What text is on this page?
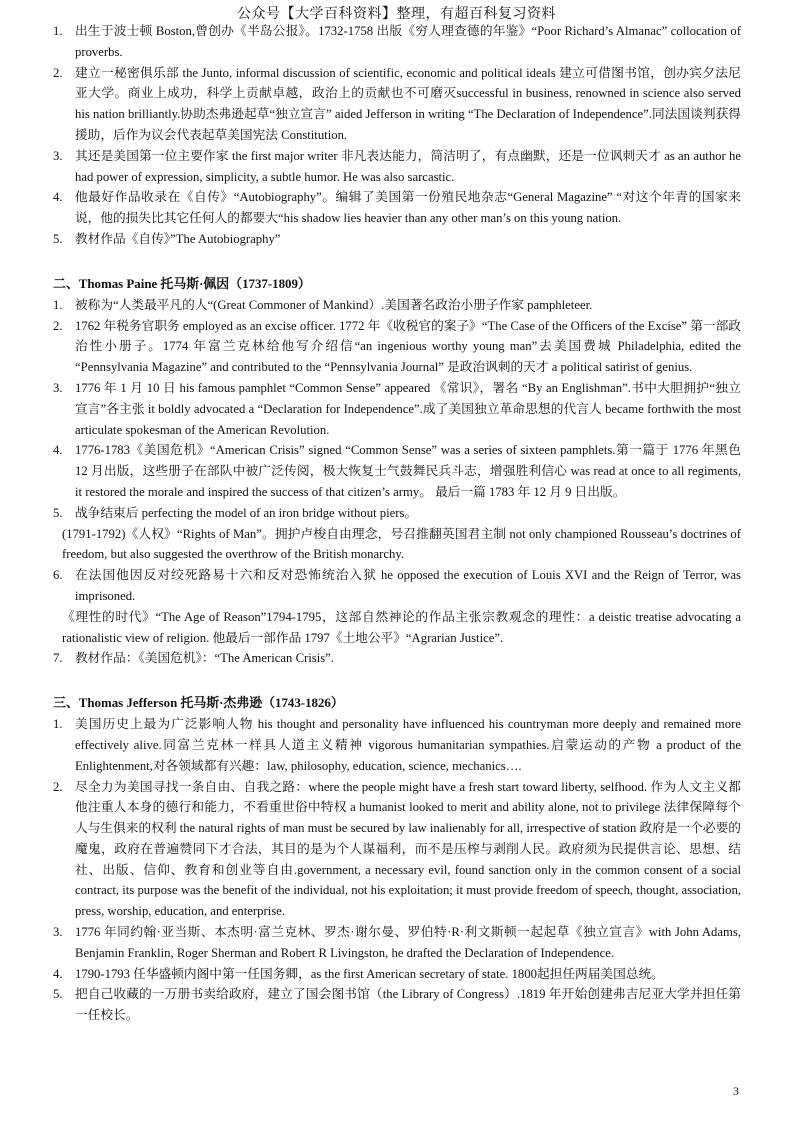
公众号【大学百科资料】整理，有超百科复习资料
1. 出生于波士顿 Boston,曾创办《半岛公报》。1732-1758 出版《穷人理查德的年鉴》“Poor Richard’s Almanac” collocation of proverbs.
2. 建立一秘密俱乐部 the Junto, informal discussion of scientific, economic and political ideals 建立可借图书馆，创办宾夕法尼亚大学。商业上成功，科学上贡献卓越，政治上的贡献也不可磨灭successful in business, renowned in science also served his nation brilliantly.协助杰弗逊起草“独立宣言” aided Jefferson in writing “The Declaration of Independence”.同法国谈判获得援助，后作为议会代表起草美国宪法 Constitution.
3. 其还是美国第一位主要作家 the first major writer 非凡表达能力，简洁明了，有点幽默，还是一位讽刺天才 as an author he had power of expression, simplicity, a subtle humor. He was also sarcastic.
4. 他最好作品收录在《自传》“Autobiography”。编辑了美国第一份殖民地杂志“General Magazine” “对这个年青的国家来说，他的损失比其它任何人的都要大“his shadow lies heavier than any other man’s on this young nation.
5. 教材作品《自传》”The Autobiography”
二、Thomas Paine 托马斯·佩因（1737-1809）
1. 被称为“人类最平凡的人“(Great Commoner of Mankind）.美国著名政治小册子作家 pamphleteer.
2. 1762 年税务官职务 employed as an excise officer. 1772 年《收税官的案子》“The Case of the Officers of the Excise” 第一部政治性小册子。1774 年富兰克林给他写介绍信“an ingenious worthy young man”去美国费城 Philadelphia, edited the “Pennsylvania Magazine” and contributed to the “Pennsylvania Journal” 是政治讽刺的天才 a political satirist of genius.
3. 1776 年 1 月 10 日 his famous pamphlet “Common Sense” appeared 《常识》，署名 “By an Englishman”.书中大胆拥护“独立宣言”各主张 it boldly advocated a “Declaration for Independence”.成了美国独立革命思想的代言人 became forthwith the most articulate spokesman of the American Revolution.
4. 1776-1783《美国危机》“American Crisis” signed “Common Sense” was a series of sixteen pamphlets.第一篇于 1776 年黑色 12 月出版，这些册子在部队中被广泛传阅，极大恢复士气鼓舞民兵斗志，增强胜利信心 was read at once to all regiments, it restored the morale and inspired the success of that citizen’s army。 最后一篇 1783 年 12 月 9 日出版。
5. 战争结束后 perfecting the model of an iron bridge without piers。
(1791-1792)《人权》“Rights of Man”。拥护卢梭自由理念，号召推翻英国君主制 not only championed Rousseau’s doctrines of freedom, but also suggested the overthrow of the British monarchy.
6. 在法国他因反对绞死路易十六和反对恐怖统治入狱 he opposed the execution of Louis XVI and the Reign of Terror, was imprisoned.
《理性的时代》“The Age of Reason”1794-1795，这部自然神论的作品主张宗教观念的理性：a deistic treatise advocating a rationalistic view of religion. 他最后一部作品 1797《土地公平》“Agrarian Justice”.
7. 教材作品：《美国危机》：“The American Crisis”.
三、Thomas Jefferson 托马斯·杰弗逊（1743-1826）
1. 美国历史上最为广泛影响人物 his thought and personality have influenced his countryman more deeply and remained more effectively alive.同富兰克林一样具人道主义精神 vigorous humanitarian sympathies.启蒙运动的产物 a product of the Enlightenment,对各领域都有兴趣：law, philosophy, education, science, mechanics….
2. 尽全力为美国寻找一条自由、自我之路：where the people might have a fresh start toward liberty, selfhood. 作为人文主义都他注重人本身的德行和能力，不看重世俗中特权 a humanist looked to merit and ability alone, not to privilege 法律保障每个人与生俱来的权利 the natural rights of man must be secured by law inalienably for all, irrespective of station 政府是一个必要的魔鬼，政府在普遍赞同下才合法，其目的是为个人谋福利，而不是压榨与剥削人民。政府须为民提供言论、思想、结社、出版、信仰、教育和创业等自由.government, a necessary evil, found sanction only in the common consent of a social contract, its purpose was the benefit of the individual, not his exploitation; it must provide freedom of speech, thought, association, press, worship, education, and enterprise.
3. 1776 年同约翰·亚当斯、本杰明·富兰克林、罗杰·谢尔曼、罗伯特·R·利文斯顿一起起草《独立宣言》with John Adams, Benjamin Franklin, Roger Sherman and Robert R Livingston, he drafted the Declaration of Independence.
4. 1790-1793 任华盛顿内阁中第一任国务卿，as the first American secretary of state. 1800起担任两届美国总统。
5. 把自己收藏的一万册书卖给政府，建立了国会图书馆（the Library of Congress）.1819 年开始创建弗吉尼亚大学并担任第一任校长。
3
